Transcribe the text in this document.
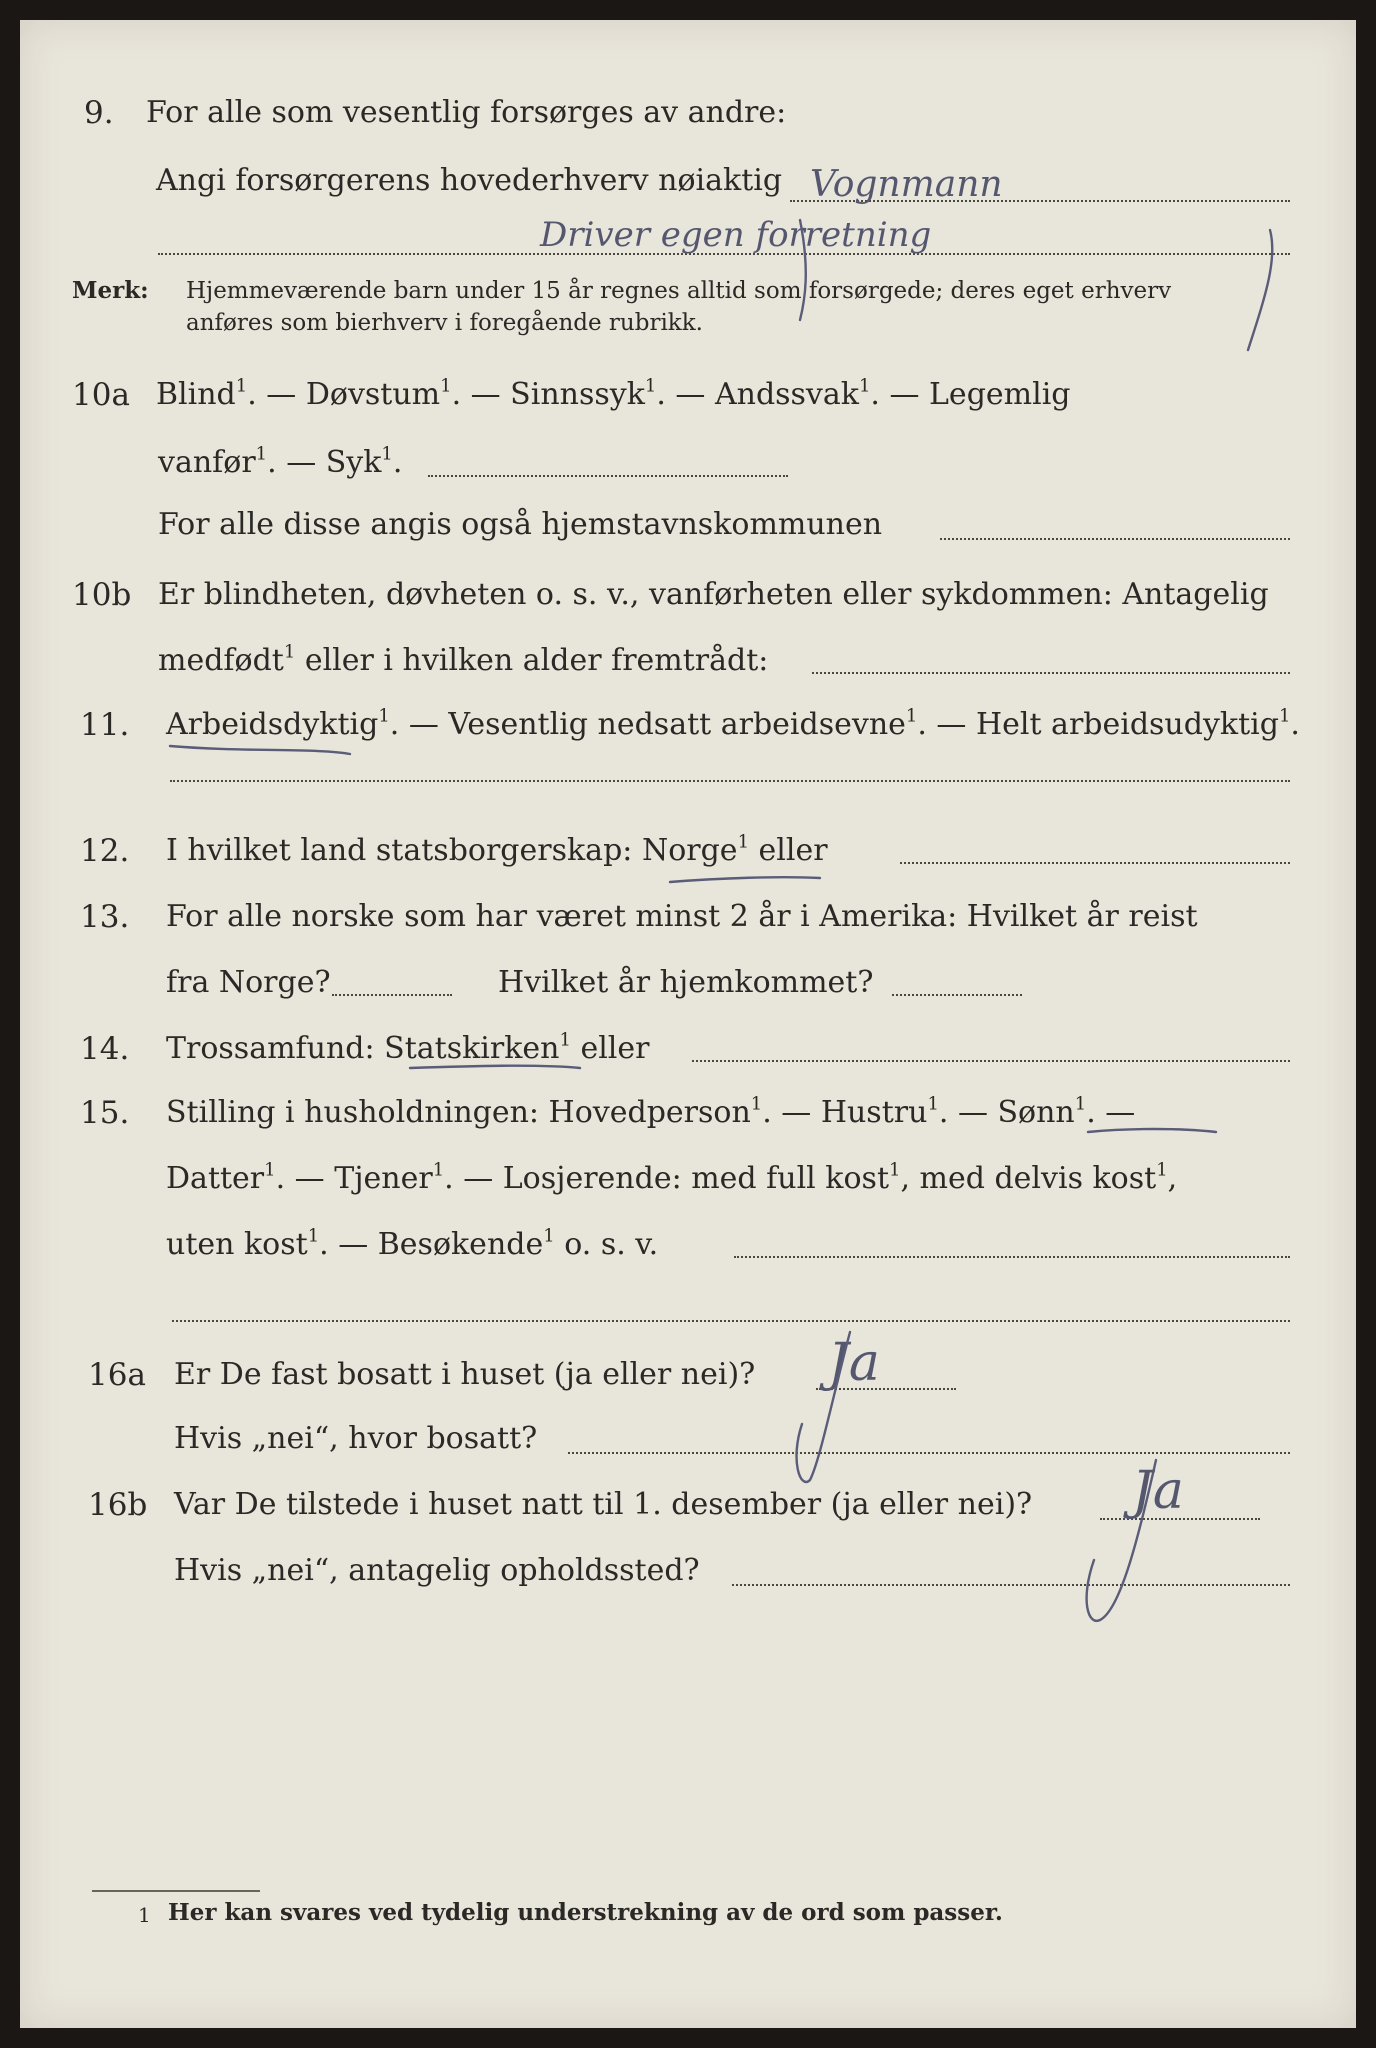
9. For alle som vesentlig forsørges av andre:
Angi forsørgerens hovederhverv nøiaktig
Merk: Hjemmeværende barn under 15 år regnes alltid som forsørgede; deres eget erhverv
anføres som bierhverv i foregående rubrikk.
10a Blind$^1$. — Døvstum$^1$. — Sinnssyk$^1$. — Andssvak$^1$. — Legemlig
vanfør$^1$. — Syk$^1$.
For alle disse angis også hjemstavnskommunen
10b Er blindheten, døvheten o. s. v., vanførheten eller sykdommen: Antagelig
medfødt$^1$ eller i hvilken alder fremtrådt:
11. Arbeidsdyktig$^1$. — Vesentlig nedsatt arbeidsevne$^1$. — Helt arbeidsudyktig$^1$.
12. I hvilket land statsborgerskap: Norge$^1$ eller
13. For alle norske som har været minst 2 år i Amerika: Hvilket år reist
fra Norge?	Hvilket år hjemkommet?
14. Trossamfund: Statskirken$^1$ eller
15. Stilling i husholdningen: Hovedperson$^1$. — Hustru$^1$. — Sønn$^1$. —
Datter$^1$. — Tjener$^1$. — Losjerende: med full kost$^1$, med delvis kost$^1$,
uten kost$^1$. — Besøkende$^1$ o. s. v.
16a Er De fast bosatt i huset (ja eller nei)?
Hvis „nei“, hvor bosatt?
16b Var De tilstede i huset natt til 1. desember (ja eller nei)?
Hvis „nei“, antagelig opholdssted?
1 Her kan svares ved tydelig understrekning av de ord som passer.
Vognmann
Driver egen forretning
Ja
Ja
